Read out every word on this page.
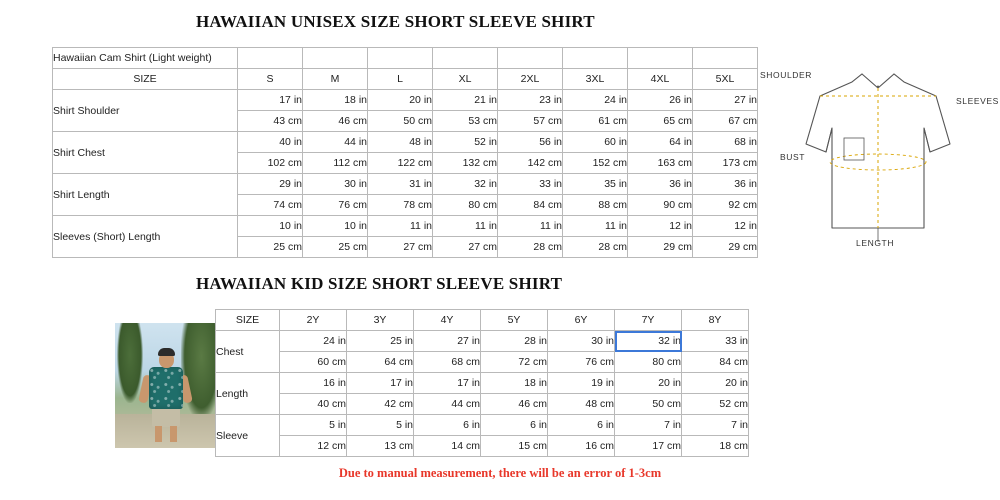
HAWAIIAN UNISEX SIZE SHORT SLEEVE SHIRT
Hawaiian Cam Shirt (Light weight)								
SIZE	S	M	L	XL	2XL	3XL	4XL	5XL
Shirt Shoulder	17 in	18 in	20 in	21 in	23 in	24 in	26 in	27 in
	43 cm	46 cm	50 cm	53 cm	57 cm	61 cm	65 cm	67 cm
Shirt Chest	40 in	44 in	48 in	52 in	56 in	60 in	64 in	68 in
	102 cm	112 cm	122 cm	132 cm	142 cm	152 cm	163 cm	173 cm
Shirt Length	29 in	30 in	31 in	32 in	33 in	35 in	36 in	36 in
	74 cm	76 cm	78 cm	80 cm	84 cm	88 cm	90 cm	92 cm
Sleeves (Short) Length	10 in	10 in	11 in	11 in	11 in	11 in	12 in	12 in
	25 cm	25 cm	27 cm	27 cm	28 cm	28 cm	29 cm	29 cm
SHOULDER
SLEEVES
BUST
LENGTH
HAWAIIAN KID SIZE SHORT SLEEVE SHIRT
SIZE	2Y	3Y	4Y	5Y	6Y	7Y	8Y
Chest	24 in	25 in	27 in	28 in	30 in	32 in	33 in
	60 cm	64 cm	68 cm	72 cm	76 cm	80 cm	84 cm
Length	16 in	17 in	17 in	18 in	19 in	20 in	20 in
	40 cm	42 cm	44 cm	46 cm	48 cm	50 cm	52 cm
Sleeve	5 in	5 in	6 in	6 in	6 in	7 in	7 in
	12 cm	13 cm	14 cm	15 cm	16 cm	17 cm	18 cm
Due to manual measurement, there will be an error of 1-3cm
